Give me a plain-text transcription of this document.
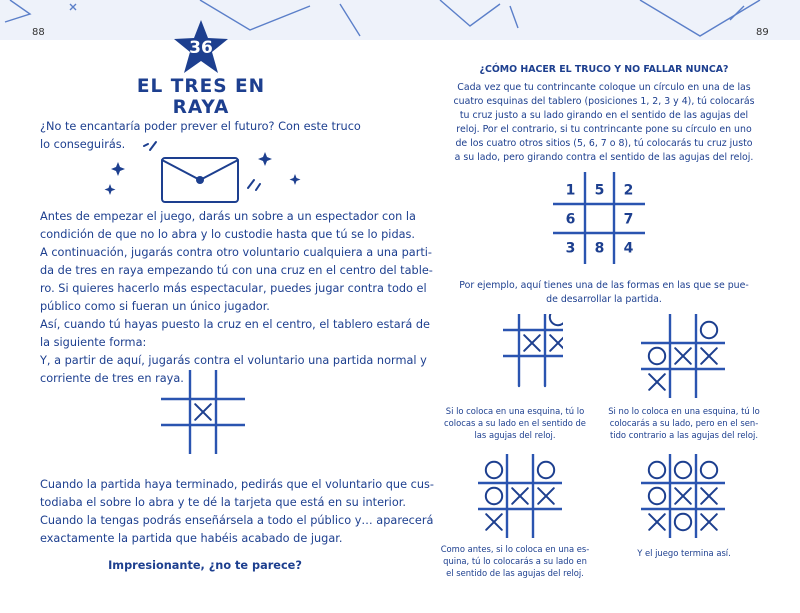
88	89
36
EL TRES EN RAYA
¿No te encantaría poder prever el futuro? Con este truco lo conseguirás.
Antes de empezar el juego, darás un sobre a un espectador con la
condición de que no lo abra y lo custodie hasta que tú se lo pidas.
A continuación, jugarás contra otro voluntario cualquiera a una parti-
da de tres en raya empezando tú con una cruz en el centro del table-
ro. Si quieres hacerlo más espectacular, puedes jugar contra todo el
público como si fueran un único jugador.
Así, cuando tú hayas puesto la cruz en el centro, el tablero estará de
la siguiente forma:
Y, a partir de aquí, jugarás contra el voluntario una partida normal y
corriente de tres en raya.
Cuando la partida haya terminado, pedirás que el voluntario que cus-
todiaba el sobre lo abra y te dé la tarjeta que está en su interior.
Cuando la tengas podrás enseñársela a todo el público y… aparecerá
exactamente la partida que habéis acabado de jugar.
Impresionante, ¿no te parece?
¿CÓMO HACER EL TRUCO Y NO FALLAR NUNCA?
Cada vez que tu contrincante coloque un círculo en una de las
cuatro esquinas del tablero (posiciones 1, 2, 3 y 4), tú colocarás
tu cruz justo a su lado girando en el sentido de las agujas del
reloj. Por el contrario, si tu contrincante pone su círculo en uno
de los cuatro otros sitios (5, 6, 7 o 8), tú colocarás tu cruz justo
a su lado, pero girando contra el sentido de las agujas del reloj.
1 5 2
6	7
3 8 4
Por ejemplo, aquí tienes una de las formas en las que se pue-
de desarrollar la partida.
Si lo coloca en una esquina, tú lo
colocas a su lado en el sentido de
las agujas del reloj.
Si no lo coloca en una esquina, tú lo
colocarás a su lado, pero en el sen-
tido contrario a las agujas del reloj.
Como antes, si lo coloca en una es-
quina, tú lo colocarás a su lado en
el sentido de las agujas del reloj.
Y el juego termina así.
